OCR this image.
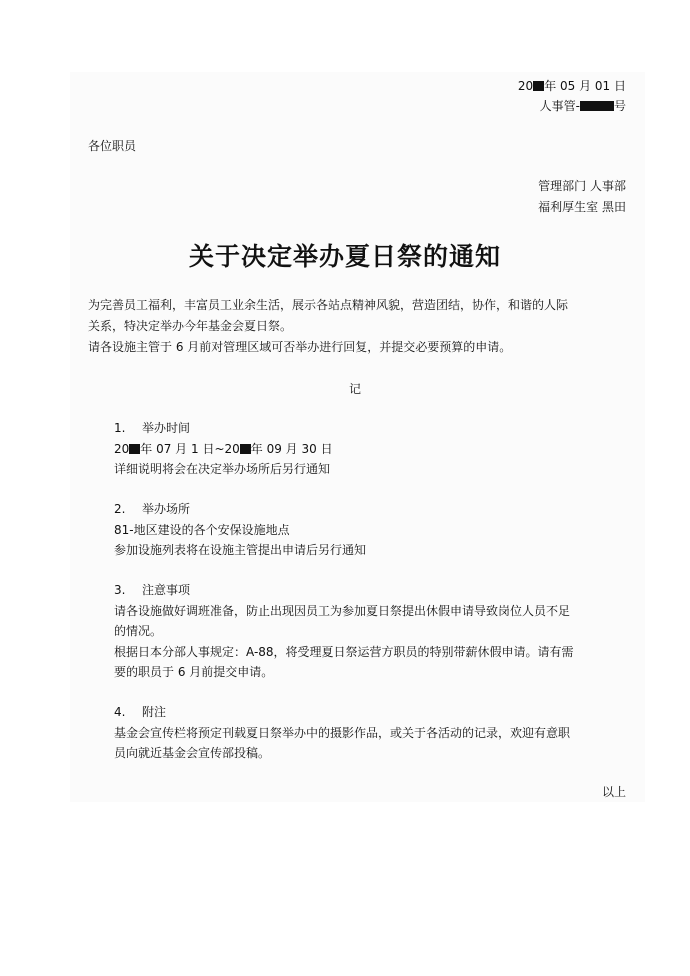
20 年 05 月 01 日
人事管-	号
各位职员
管理部门 人事部
福利厚生室 黑田
关于决定举办夏日祭的通知
为完善员工福利，丰富员工业余生活，展示各站点精神风貌，营造团结，协作，和谐的人际
关系，特决定举办今年基金会夏日祭。
请各设施主管于 6 月前对管理区域可否举办进行回复，并提交必要预算的申请。
记
1. 举办时间
20 年 07 月 1 日~20 年 09 月 30 日
详细说明将会在决定举办场所后另行通知
2. 举办场所
81-地区建设的各个安保设施地点
参加设施列表将在设施主管提出申请后另行通知
3. 注意事项
请各设施做好调班准备，防止出现因员工为参加夏日祭提出休假申请导致岗位人员不足
的情况。
根据日本分部人事规定：A-88，将受理夏日祭运营方职员的特别带薪休假申请。请有需
要的职员于 6 月前提交申请。
4. 附注
基金会宣传栏将预定刊载夏日祭举办中的摄影作品，或关于各活动的记录，欢迎有意职
员向就近基金会宣传部投稿。
以上
